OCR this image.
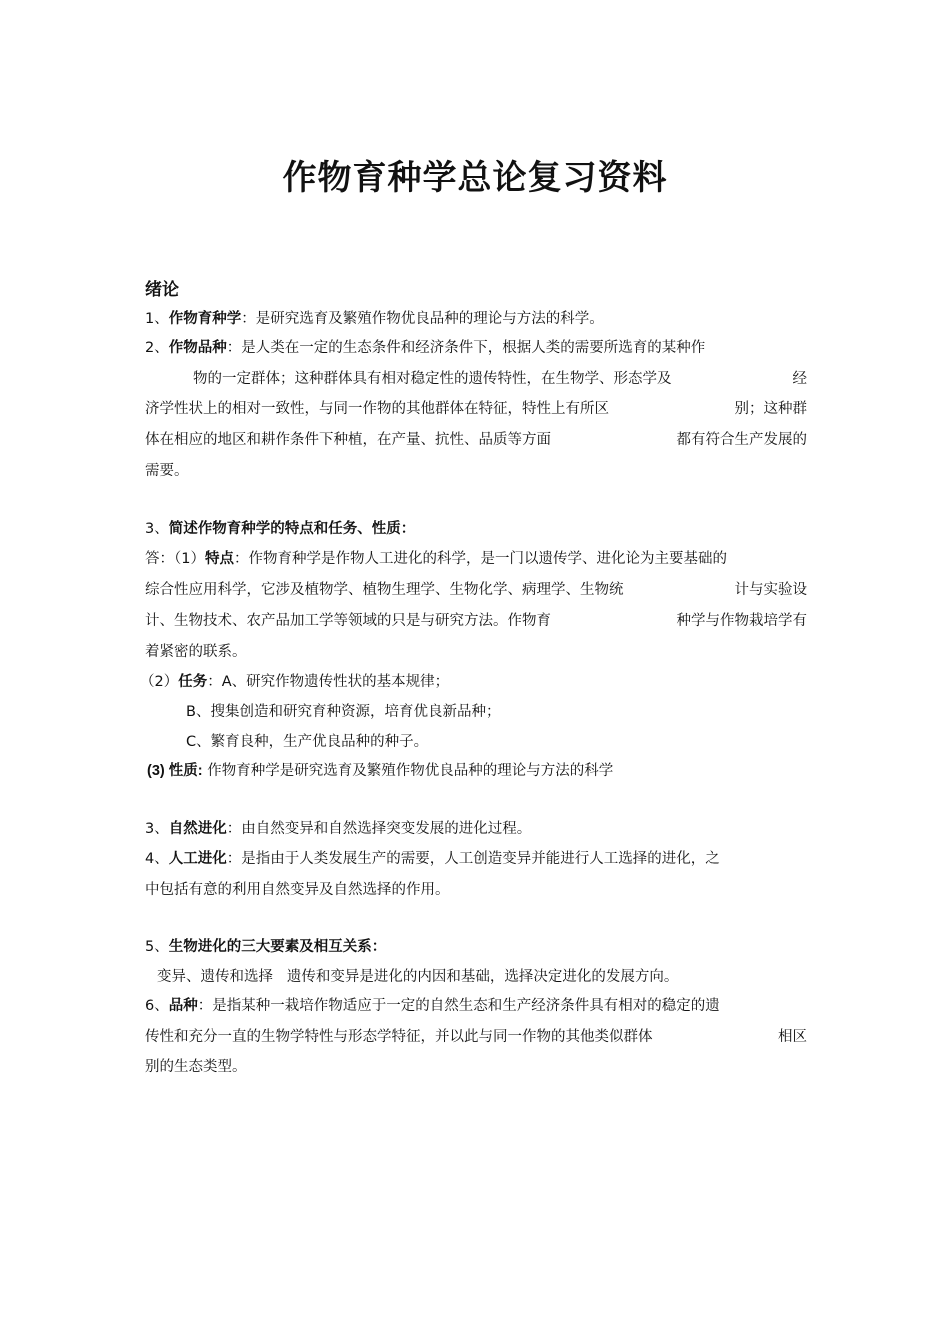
作物育种学总论复习资料
绪论
1、作物育种学：是研究选育及繁殖作物优良品种的理论与方法的科学。
2、作物品种：是人类在一定的生态条件和经济条件下，根据人类的需要所选育的某种作
物的一定群体；这种群体具有相对稳定性的遗传特性，在生物学、形态学及	经
济学性状上的相对一致性，与同一作物的其他群体在特征，特性上有所区	别；这种群
体在相应的地区和耕作条件下种植，在产量、抗性、品质等方面	都有符合生产发展的
需要。
3、简述作物育种学的特点和任务、性质：
答：（1）特点：作物育种学是作物人工进化的科学，是一门以遗传学、进化论为主要基础的
综合性应用科学，它涉及植物学、植物生理学、生物化学、病理学、生物统	计与实验设
计、生物技术、农产品加工学等领域的只是与研究方法。作物育	种学与作物栽培学有
着紧密的联系。
（2）任务：A、研究作物遗传性状的基本规律；
B、搜集创造和研究育种资源，培育优良新品种；
C、繁育良种，生产优良品种的种子。
(3) 性质: 作物育种学是研究选育及繁殖作物优良品种的理论与方法的科学
3、自然进化：由自然变异和自然选择突变发展的进化过程。
4、人工进化：是指由于人类发展生产的需要，人工创造变异并能进行人工选择的进化，之
中包括有意的利用自然变异及自然选择的作用。
5、生物进化的三大要素及相互关系：
变异、遗传和选择   遗传和变异是进化的内因和基础，选择决定进化的发展方向。
6、品种：是指某种一栽培作物适应于一定的自然生态和生产经济条件具有相对的稳定的遗
传性和充分一直的生物学特性与形态学特征，并以此与同一作物的其他类似群体	相区
别的生态类型。
